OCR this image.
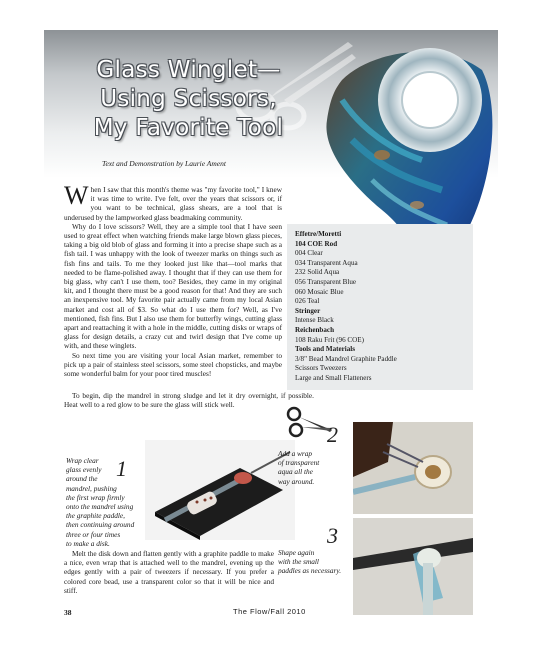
Glass Winglet—
Using Scissors,
My Favorite Tool
Text and Demonstration by Laurie Ament

When I saw that this month's theme was "my favorite tool," I knew it was time to write. I've felt, over the years that scissors or, if you want to be technical, glass shears, are a tool that is underused by the lampworked glass beadmaking community.

Why do I love scissors? Well, they are a simple tool that I have seen used to great effect when watching friends make large blown glass pieces, taking a big old blob of glass and forming it into a precise shape such as a fish tail. I was unhappy with the look of tweezer marks on things such as fish fins and tails. To me they looked just like that—tool marks that needed to be flame-polished away. I thought that if they can use them for big glass, why can't I use them, too? Besides, they came in my original kit, and I thought there must be a good reason for that! And they are such an inexpensive tool. My favorite pair actually came from my local Asian market and cost all of $3. So what do I use them for? Well, as I've mentioned, fish fins. But I also use them for butterfly wings, cutting glass apart and reattaching it with a hole in the middle, cutting disks or wraps of glass for design details, a crazy cut and twirl design that I've come up with, and these winglets.

So next time you are visiting your local Asian market, remember to pick up a pair of stainless steel scissors, some steel chopsticks, and maybe some wonderful balm for your poor tired muscles!

To begin, dip the mandrel in strong sludge and let it dry overnight, if possible. Heat well to a red glow to be sure the glass will stick well.
Effetre/Moretti
104 COE Rod
004 Clear
034 Transparent Aqua
232 Solid Aqua
056 Transparent Blue
060 Mosaic Blue
026 Teal
Stringer
Intense Black
Reichenbach
108 Raku Frit (96 COE)
Tools and Materials
3/8" Bead Mandrel Graphite Paddle
Scissors Tweezers
Large and Small Flatteners
Wrap clear
glass evenly
around the
mandrel, pushing
the first wrap firmly
onto the mandrel using
the graphite paddle,
then continuing around
three or four times
to make a disk.
1
2
Add a wrap
of transparent
aqua all the
way around.
3
Shape again
with the small
paddles as necessary.
Melt the disk down and flatten gently with a graphite paddle to make a nice, even wrap that is attached well to the mandrel, evening up the edges gently with a pair of tweezers if necessary. If you prefer a colored core bead, use a transparent color so that it will be nice and stiff.
38	The Flow/Fall 2010
